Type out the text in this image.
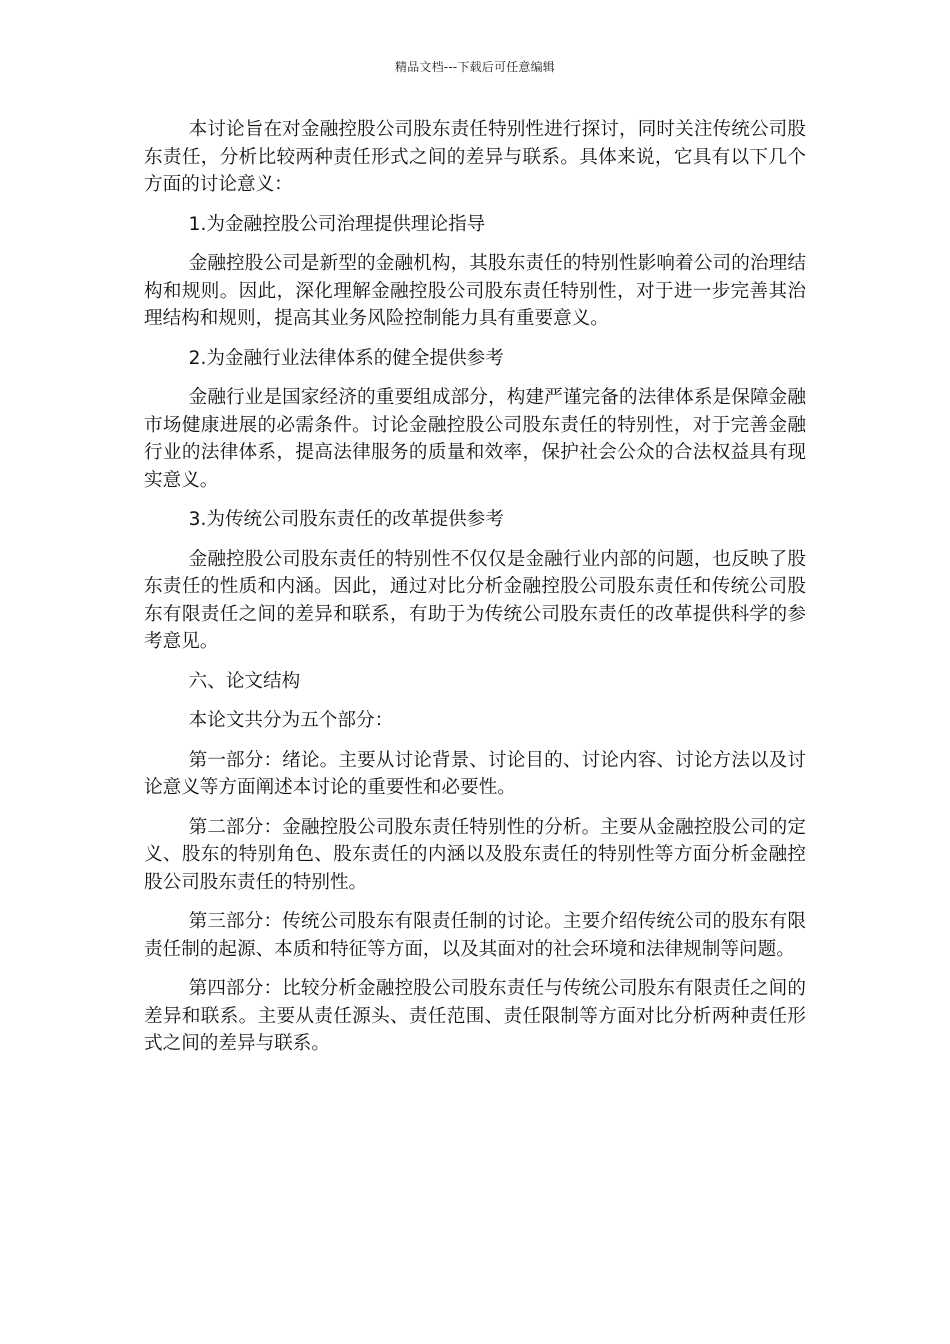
精品文档---下载后可任意编辑

本讨论旨在对金融控股公司股东责任特别性进行探讨，同时关注传统公司股东责任，分析比较两种责任形式之间的差异与联系。具体来说，它具有以下几个方面的讨论意义：

1.为金融控股公司治理提供理论指导

金融控股公司是新型的金融机构，其股东责任的特别性影响着公司的治理结构和规则。因此，深化理解金融控股公司股东责任特别性，对于进一步完善其治理结构和规则，提高其业务风险控制能力具有重要意义。

2.为金融行业法律体系的健全提供参考

金融行业是国家经济的重要组成部分，构建严谨完备的法律体系是保障金融市场健康进展的必需条件。讨论金融控股公司股东责任的特别性，对于完善金融行业的法律体系，提高法律服务的质量和效率，保护社会公众的合法权益具有现实意义。

3.为传统公司股东责任的改革提供参考

金融控股公司股东责任的特别性不仅仅是金融行业内部的问题，也反映了股东责任的性质和内涵。因此，通过对比分析金融控股公司股东责任和传统公司股东有限责任之间的差异和联系，有助于为传统公司股东责任的改革提供科学的参考意见。

六、论文结构

本论文共分为五个部分：

第一部分：绪论。主要从讨论背景、讨论目的、讨论内容、讨论方法以及讨论意义等方面阐述本讨论的重要性和必要性。

第二部分：金融控股公司股东责任特别性的分析。主要从金融控股公司的定义、股东的特别角色、股东责任的内涵以及股东责任的特别性等方面分析金融控股公司股东责任的特别性。

第三部分：传统公司股东有限责任制的讨论。主要介绍传统公司的股东有限责任制的起源、本质和特征等方面，以及其面对的社会环境和法律规制等问题。

第四部分：比较分析金融控股公司股东责任与传统公司股东有限责任之间的差异和联系。主要从责任源头、责任范围、责任限制等方面对比分析两种责任形式之间的差异与联系。
